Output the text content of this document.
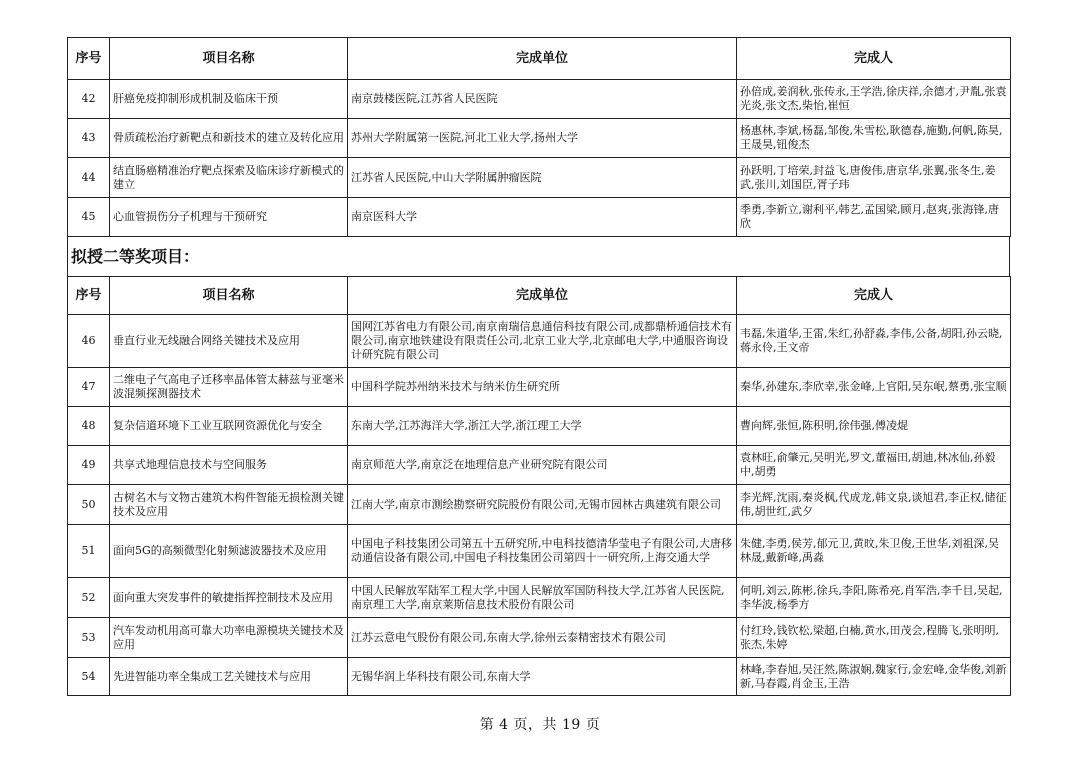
序号	项目名称	完成单位	完成人
42	肝癌免疫抑制形成机制及临床干预	南京鼓楼医院,江苏省人民医院	孙倍成,姜润秋,张传永,王学浩,徐庆祥,余德才,尹胤,张袁光炎,张文杰,柴怡,崔恒
43	骨质疏松治疗新靶点和新技术的建立及转化应用	苏州大学附属第一医院,河北工业大学,扬州大学	杨惠林,李斌,杨磊,邹俊,朱雪松,耿德春,施勤,何帆,陈昊,王晟昊,钮俊杰
44	结直肠癌精准治疗靶点探索及临床诊疗新模式的建立	江苏省人民医院,中山大学附属肿瘤医院	孙跃明,丁培荣,封益飞,唐俊伟,唐京华,张翼,张冬生,姜武,张川,刘国臣,胥子玮
45	心血管损伤分子机理与干预研究	南京医科大学	季勇,李新立,谢利平,韩艺,孟国梁,顾月,赵爽,张海锋,唐欣
拟授二等奖项目：
序号	项目名称	完成单位	完成人
46	垂直行业无线融合网络关键技术及应用	国网江苏省电力有限公司,南京南瑞信息通信科技有限公司,成都鼎桥通信技术有限公司,南京地铁建设有限责任公司,北京工业大学,北京邮电大学,中通服咨询设计研究院有限公司	韦磊,朱道华,王雷,朱红,孙舒淼,李伟,公备,胡阳,孙云晓,蒋永伶,王文帝
47	二维电子气高电子迁移率晶体管太赫兹与亚毫米波混频探测器技术	中国科学院苏州纳米技术与纳米仿生研究所	秦华,孙建东,李欣幸,张金峰,上官阳,吴东岷,蔡勇,张宝顺
48	复杂信道环境下工业互联网资源优化与安全	东南大学,江苏海洋大学,浙江大学,浙江理工大学	曹向辉,张恒,陈积明,徐伟强,傅凌焜
49	共享式地理信息技术与空间服务	南京师范大学,南京泛在地理信息产业研究院有限公司	袁林旺,俞肇元,吴明光,罗文,董福田,胡迪,林冰仙,孙毅中,胡勇
50	古树名木与文物古建筑木构件智能无损检测关键技术及应用	江南大学,南京市测绘勘察研究院股份有限公司,无锡市园林古典建筑有限公司	李光辉,沈雨,秦炎枫,代成龙,韩文泉,谈旭君,李正权,储征伟,胡世红,武夕
51	面向5G的高频微型化射频滤波器技术及应用	中国电子科技集团公司第五十五研究所,中电科技德清华莹电子有限公司,大唐移动通信设备有限公司,中国电子科技集团公司第四十一研究所,上海交通大学	朱健,李勇,侯芳,郁元卫,黄旼,朱卫俊,王世华,刘祖深,吴林晟,戴新峰,禹淼
52	面向重大突发事件的敏捷指挥控制技术及应用	中国人民解放军陆军工程大学,中国人民解放军国防科技大学,江苏省人民医院,南京理工大学,南京莱斯信息技术股份有限公司	何明,刘云,陈彬,徐兵,李阳,陈希亮,肖军浩,李千目,吴起,李华波,杨季方
53	汽车发动机用高可靠大功率电源模块关键技术及应用	江苏云意电气股份有限公司,东南大学,徐州云泰精密技术有限公司	付红玲,钱钦松,梁超,白楠,黄水,田茂会,程腾飞,张明明,张杰,朱婷
54	先进智能功率全集成工艺关键技术与应用	无锡华润上华科技有限公司,东南大学	林峰,李春旭,吴汪然,陈淑娴,魏家行,金宏峰,金华俊,刘新新,马春霞,肖金玉,王浩
第 4 页，共 19 页
